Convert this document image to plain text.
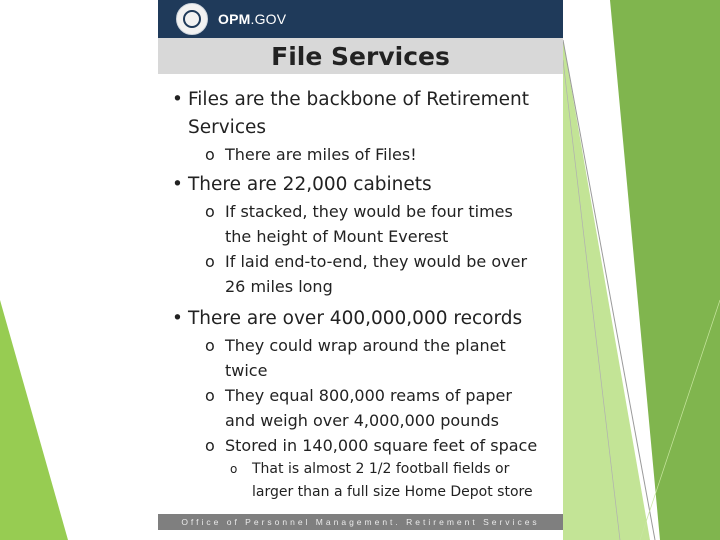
OPM.GOV
File Services
• Files are the backbone of Retirement
Services
o There are miles of Files!
• There are 22,000 cabinets
o If stacked, they would be four times
the height of Mount Everest
o If laid end-to-end, they would be over
26 miles long
• There are over 400,000,000 records
o They could wrap around the planet
twice
o They equal 800,000 reams of paper
and weigh over 4,000,000 pounds
o Stored in 140,000 square feet of space
o That is almost 2 1/2 football fields or
larger than a full size Home Depot store
Office of Personnel Management. Retirement Services
